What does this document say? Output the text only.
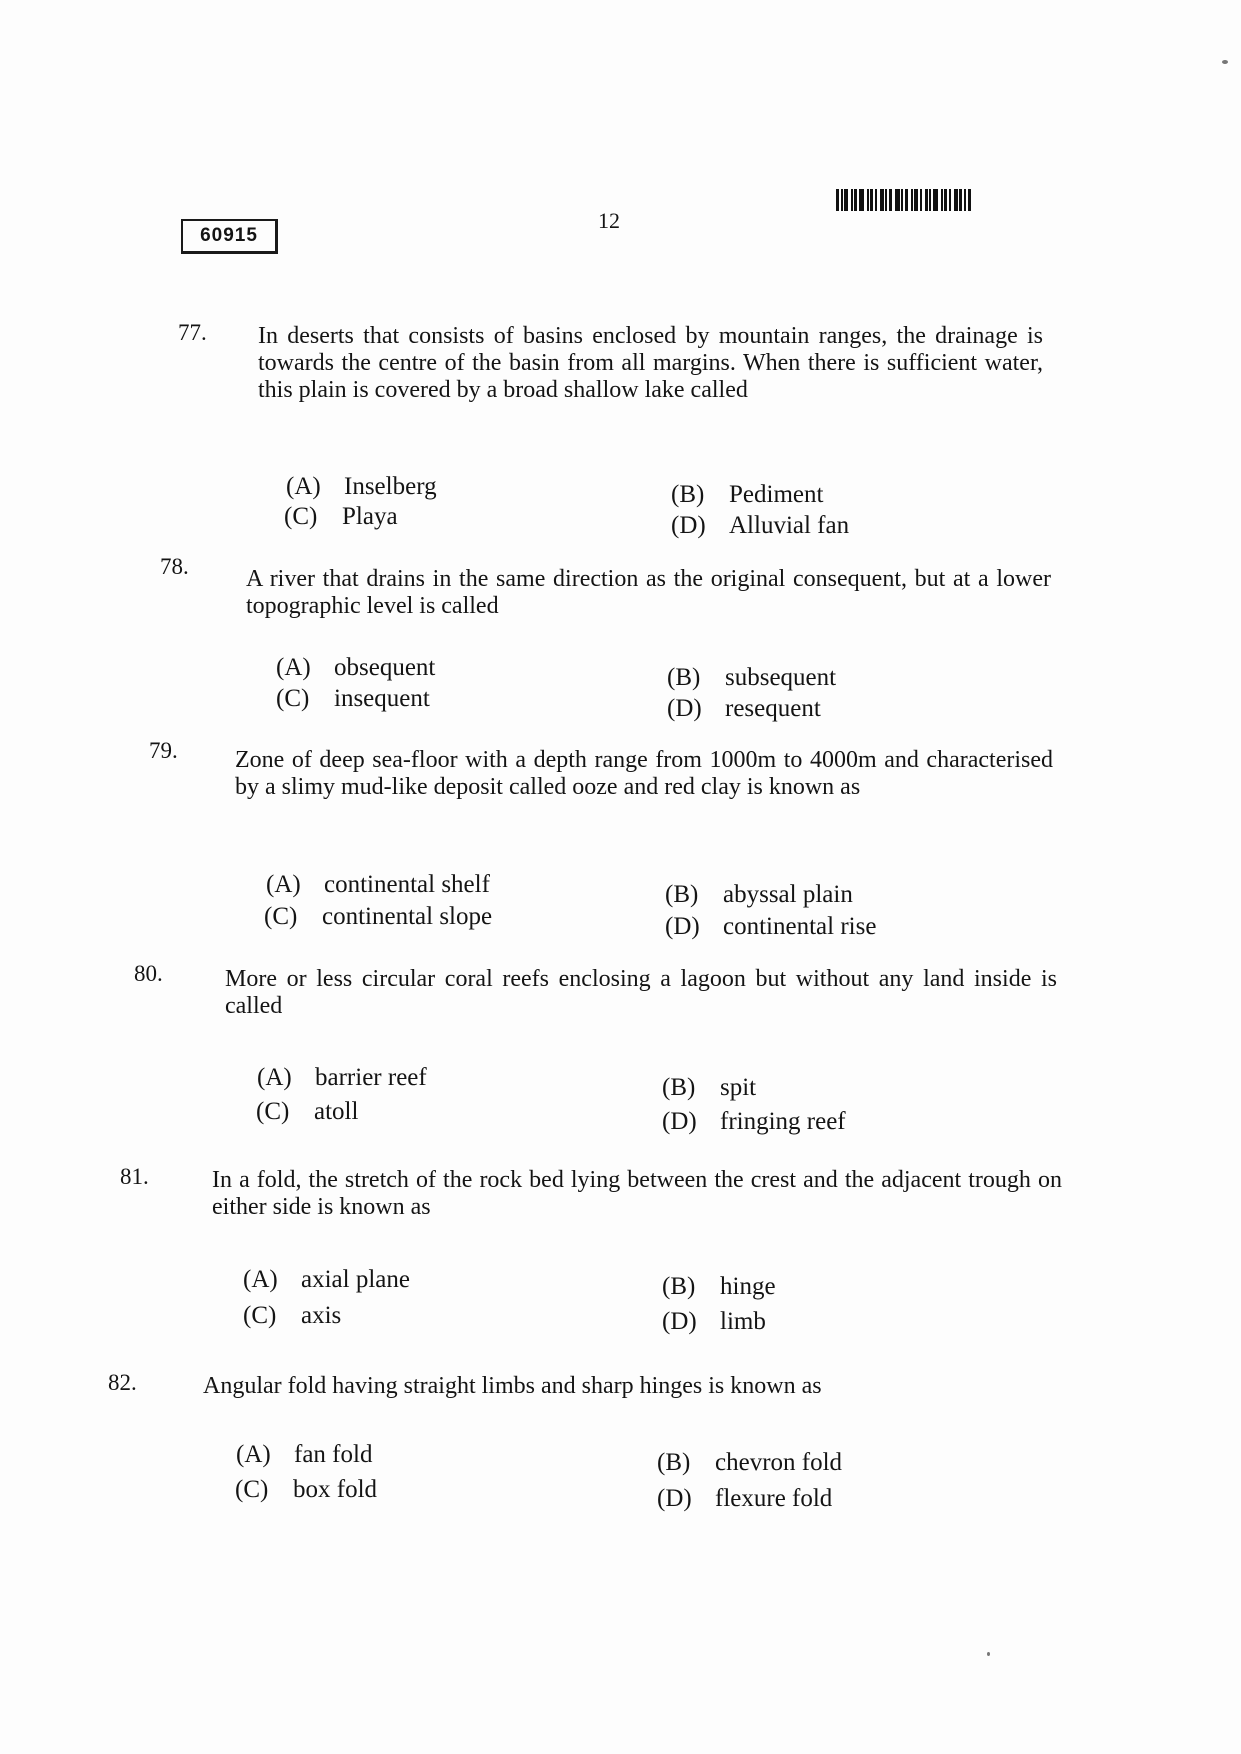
60915
12
77. In deserts that consists of basins enclosed by mountain ranges, the drainage is towards the centre of the basin from all margins. When there is sufficient water, this plain is covered by a broad shallow lake called
(A) Inselberg	(B) Pediment
(C) Playa	(D) Alluvial fan
78. A river that drains in the same direction as the original consequent, but at a lower topographic level is called
(A) obsequent	(B) subsequent
(C) insequent	(D) resequent
79. Zone of deep sea-floor with a depth range from 1000m to 4000m and characterised by a slimy mud-like deposit called ooze and red clay is known as
(A) continental shelf	(B) abyssal plain
(C) continental slope	(D) continental rise
80.	More or less circular coral reefs enclosing a lagoon but without any land inside is called
(A) barrier reef	(B) spit
(C) atoll	(D) fringing reef
81.	In a fold, the stretch of the rock bed lying between the crest and the adjacent trough on either side is known as
(A) axial plane	(B) hinge
(C) axis	(D) limb
82.	Angular fold having straight limbs and sharp hinges is known as
(A) fan fold	(B) chevron fold
(C) box fold	(D) flexure fold
